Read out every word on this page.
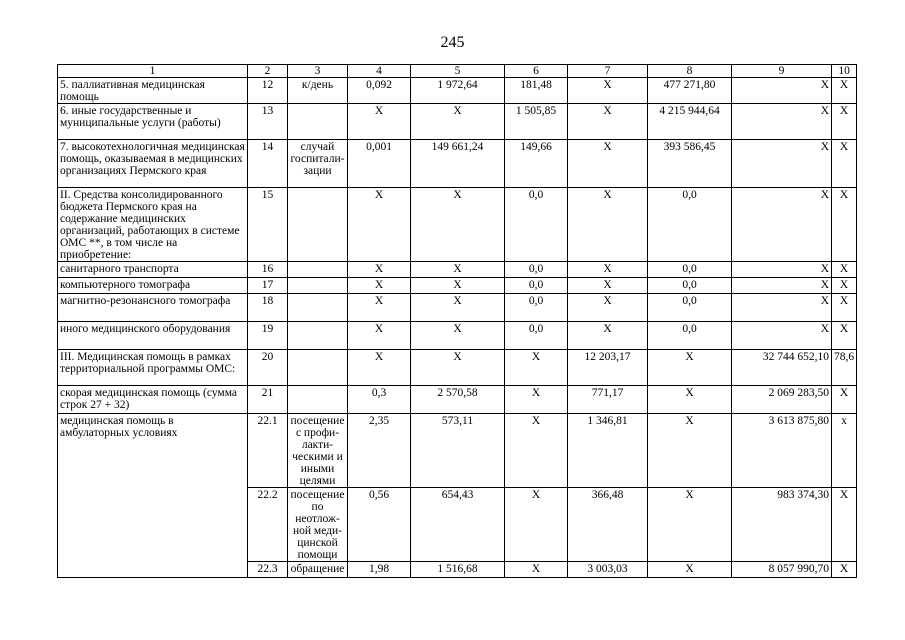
245
1	2	3	4	5	6	7	8	9	10
5. паллиативная медицинская помощь	12	к/день	0,092	1 972,64	181,48	Х	477 271,80	Х	Х
6. иные государственные и муниципальные услуги (работы)	13		Х	Х	1 505,85	Х	4 215 944,64	Х	Х
7. высокотехнологичная медицинская помощь, оказываемая в медицинских организациях Пермского края	14	случай госпитали-зации	0,001	149 661,24	149,66	Х	393 586,45	Х	Х
II. Средства консолидированного бюджета Пермского края на содержание медицинских организаций, работающих в системе ОМС **, в том числе на приобретение:	15		Х	Х	0,0	Х	0,0	Х	Х
санитарного транспорта	16		Х	Х	0,0	Х	0,0	Х	Х
компьютерного томографа	17		Х	Х	0,0	Х	0,0	Х	Х
магнитно-резонансного томографа	18		Х	Х	0,0	Х	0,0	Х	Х
иного медицинского оборудования	19		Х	Х	0,0	Х	0,0	Х	Х
III. Медицинская помощь в рамках территориальной программы ОМС:	20		Х	Х	Х	12 203,17	Х	32 744 652,10	78,6
скорая медицинская помощь (сумма строк 27 + 32)	21		0,3	2 570,58	Х	771,17	Х	2 069 283,50	Х
медицинская помощь в амбулаторных условиях	22.1	посещение с профи-лакти-ческими и иными целями	2,35	573,11	Х	1 346,81	Х	3 613 875,80	х
	22.2	посещение по неотлож-ной меди-цинской помощи	0,56	654,43	Х	366,48	Х	983 374,30	Х
	22.3	обращение	1,98	1 516,68	Х	3 003,03	Х	8 057 990,70	Х
